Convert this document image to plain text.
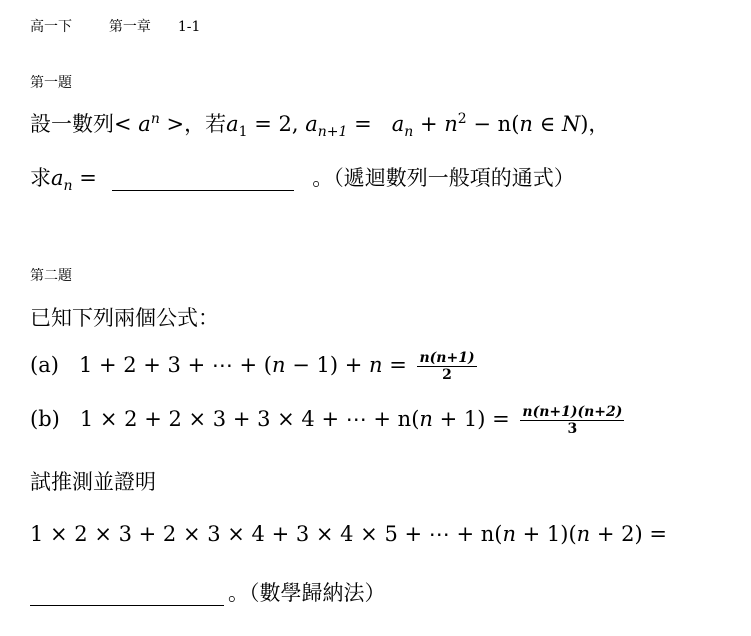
高一下	第一章 1-1
第一題
設一數列< $a^n$ >，若$a_1 = 2$, $a_{n+1} = a_n + n^2 - n(n$ ∈ N)，
求$a_n$ =	。（遞迴數列一般項的通式）
第二題
已知下列兩個公式：
(a) 1 + 2 + 3 + ⋯ + $(n - 1) + n = \frac{n(n+1)}{2}$
(b) 1 × 2 + 2 × 3 + 3 × 4 + ⋯ + $n(n + 1) = \frac{n(n+1)(n+2)}{3}$
試推測並證明
1 × 2 × 3 + 2 × 3 × 4 + 3 × 4 × 5 + ⋯ + n(n + 1)(n + 2) =
。（數學歸納法）
